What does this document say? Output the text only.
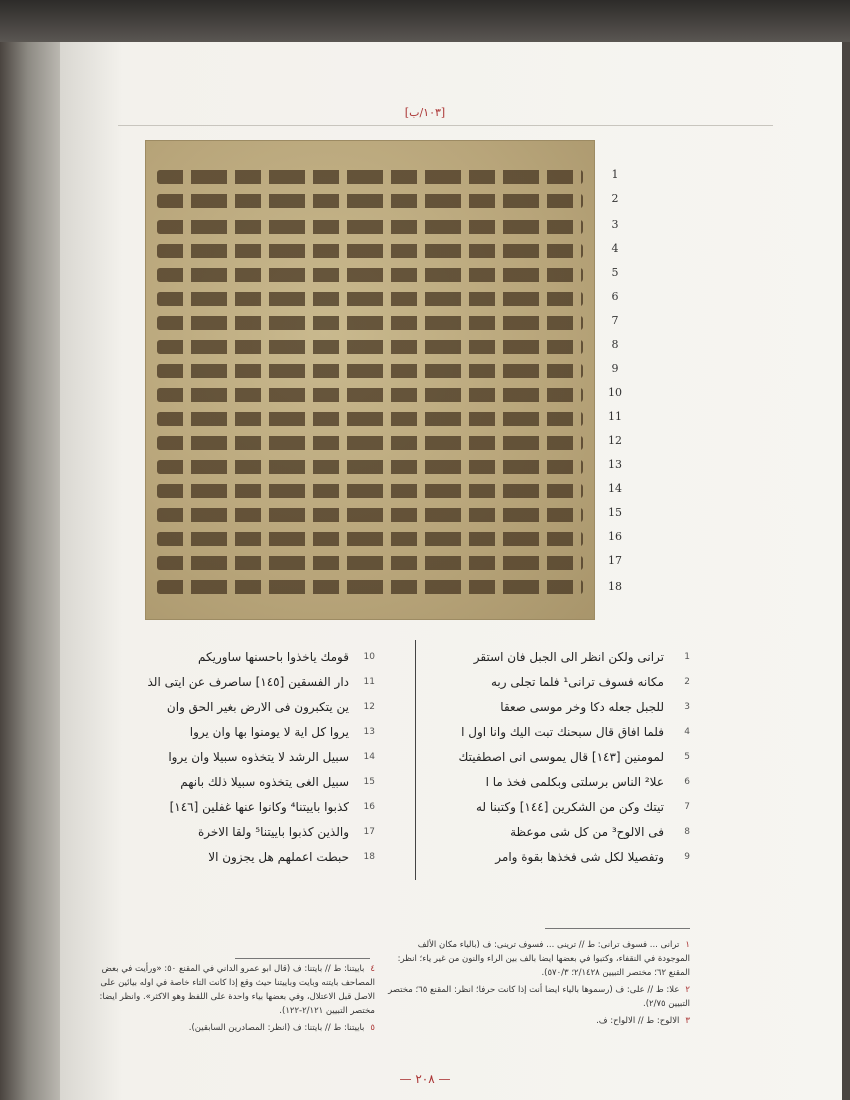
[١٠٣/ب]
1
2
3
4
5
6
7
8
9
10
11
12
13
14
15
16
17
18
ترانى ولكن انظر الى الجبل فان استقر 1
مكانه فسوف ترانى¹ فلما تجلى ربه 2
للجبل جعله دكا وخر موسى صعقا 3
فلما افاق قال سبحنك تبت اليك وانا اول ا 4
لمومنين [١٤٣] قال يموسى انى اصطفيتك 5
علا² الناس برسلتى وبكلمى فخذ ما ا 6
تيتك وكن من الشكرين [١٤٤] وكتبنا له 7
فى الالوح³ من كل شى موعظة 8
وتفصيلا لكل شى فخذها بقوة وامر 9
قومك ياخذوا باحسنها ساوريكم 10
دار الفسقين [١٤٥] ساصرف عن ايتى الذ 11
ين يتكبرون فى الارض بغير الحق وان 12
يروا كل اية لا يومنوا بها وان يروا 13
سبيل الرشد لا يتخذوه سبيلا وان يروا 14
سبيل الغى يتخذوه سبيلا ذلك بانهم 15
كذبوا باييتنا⁴ وكانوا عنها غفلين [١٤٦] 16
والذين كذبوا باييتنا⁵ ولقا الاخرة 17
حبطت اعملهم هل يجزون الا 18
١ترانى ... فسوف ترانى: ط // ترينى ... فسوف ترينى: ف (بالياء مكان الألف الموجودة في النقفاء، وكتبوا في بعضها ايضا بالف بين الراء والنون من غير ياء؛ انظر: المقنع ٦٢؛ مختصر التبيين ٢/١٤٢٨؛ ٥٧٠/٣).
٢علا: ط // على: ف (رسموها بالياء ايضا أنت إذا كانت حرفا؛ انظر: المقنع ٦٥؛ مختصر التبيين ٢/٧٥).
٣الالوح: ط // الالواح: ف.
٤باييتنا: ط // بايتنا: ف (قال ابو عمرو الداني في المقنع ٥٠: «ورأيت في بعض المصاحف بايتنه وبايت وباييتنا حيث وقع إذا كانت التاء خاصة في اوله بيائين على الاصل قبل الاعتلال، وفي بعضها بياء واحدة على اللفظ وهو الاكثر». وانظر ايضا: مختصر التبيين ٢/١٢١-١٢٢).
٥باييتنا: ط // بايتنا: ف (انظر: المصادرين السابقين).
— ٢٠٨ —
